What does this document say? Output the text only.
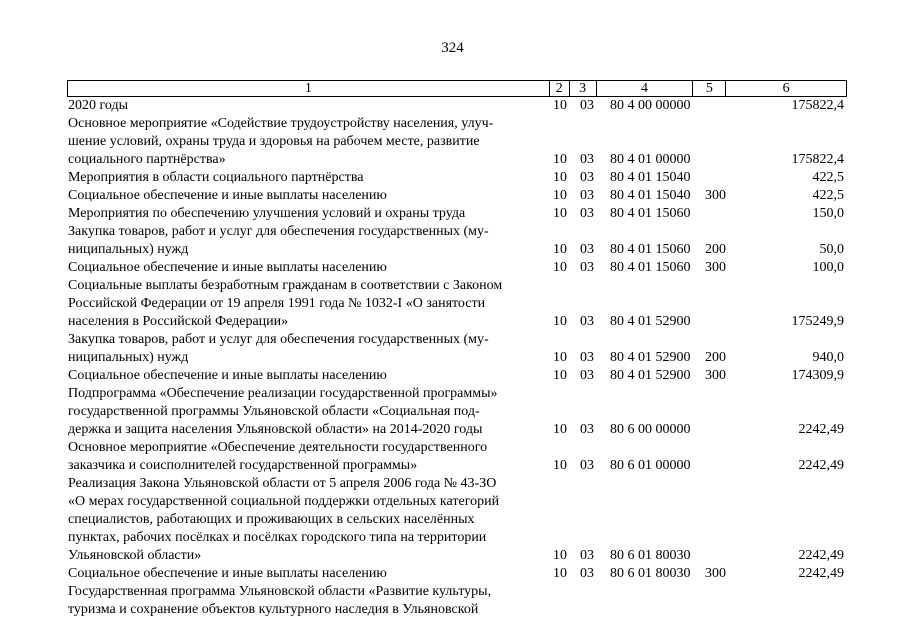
324
1	2	3	4	5	6
2020 годы	10 03	80 4 00 00000	175822,4
Основное мероприятие «Содействие трудоустройству населения, улуч-
шение условий, охраны труда и здоровья на рабочем месте, развитие
социального партнёрства»	10 03	80 4 01 00000	175822,4
Мероприятия в области социального партнёрства	10 03	80 4 01 15040	422,5
Социальное обеспечение и иные выплаты населению	10 03	80 4 01 15040	300	422,5
Мероприятия по обеспечению улучшения условий и охраны труда	10 03	80 4 01 15060	150,0
Закупка товаров, работ и услуг для обеспечения государственных (му-
ниципальных) нужд	10 03	80 4 01 15060	200	50,0
Социальное обеспечение и иные выплаты населению	10 03	80 4 01 15060	300	100,0
Социальные выплаты безработным гражданам в соответствии с Законом
Российской Федерации от 19 апреля 1991 года № 1032-I «О занятости
населения в Российской Федерации»	10 03	80 4 01 52900	175249,9
Закупка товаров, работ и услуг для обеспечения государственных (му-
ниципальных) нужд	10 03	80 4 01 52900	200	940,0
Социальное обеспечение и иные выплаты населению	10 03	80 4 01 52900	300	174309,9
Подпрограмма «Обеспечение реализации государственной программы»
государственной программы Ульяновской области «Социальная под-
держка и защита населения Ульяновской области» на 2014-2020 годы	10 03	80 6 00 00000	2242,49
Основное мероприятие «Обеспечение деятельности государственного
заказчика и соисполнителей государственной программы»	10 03	80 6 01 00000	2242,49
Реализация Закона Ульяновской области от 5 апреля 2006 года № 43-ЗО
«О мерах государственной социальной поддержки отдельных категорий
специалистов, работающих и проживающих в сельских населённых
пунктах, рабочих посёлках и посёлках городского типа на территории
Ульяновской области»	10 03	80 6 01 80030	2242,49
Социальное обеспечение и иные выплаты населению	10 03	80 6 01 80030	300	2242,49
Государственная программа Ульяновской области «Развитие культуры,
туризма и сохранение объектов культурного наследия в Ульяновской
